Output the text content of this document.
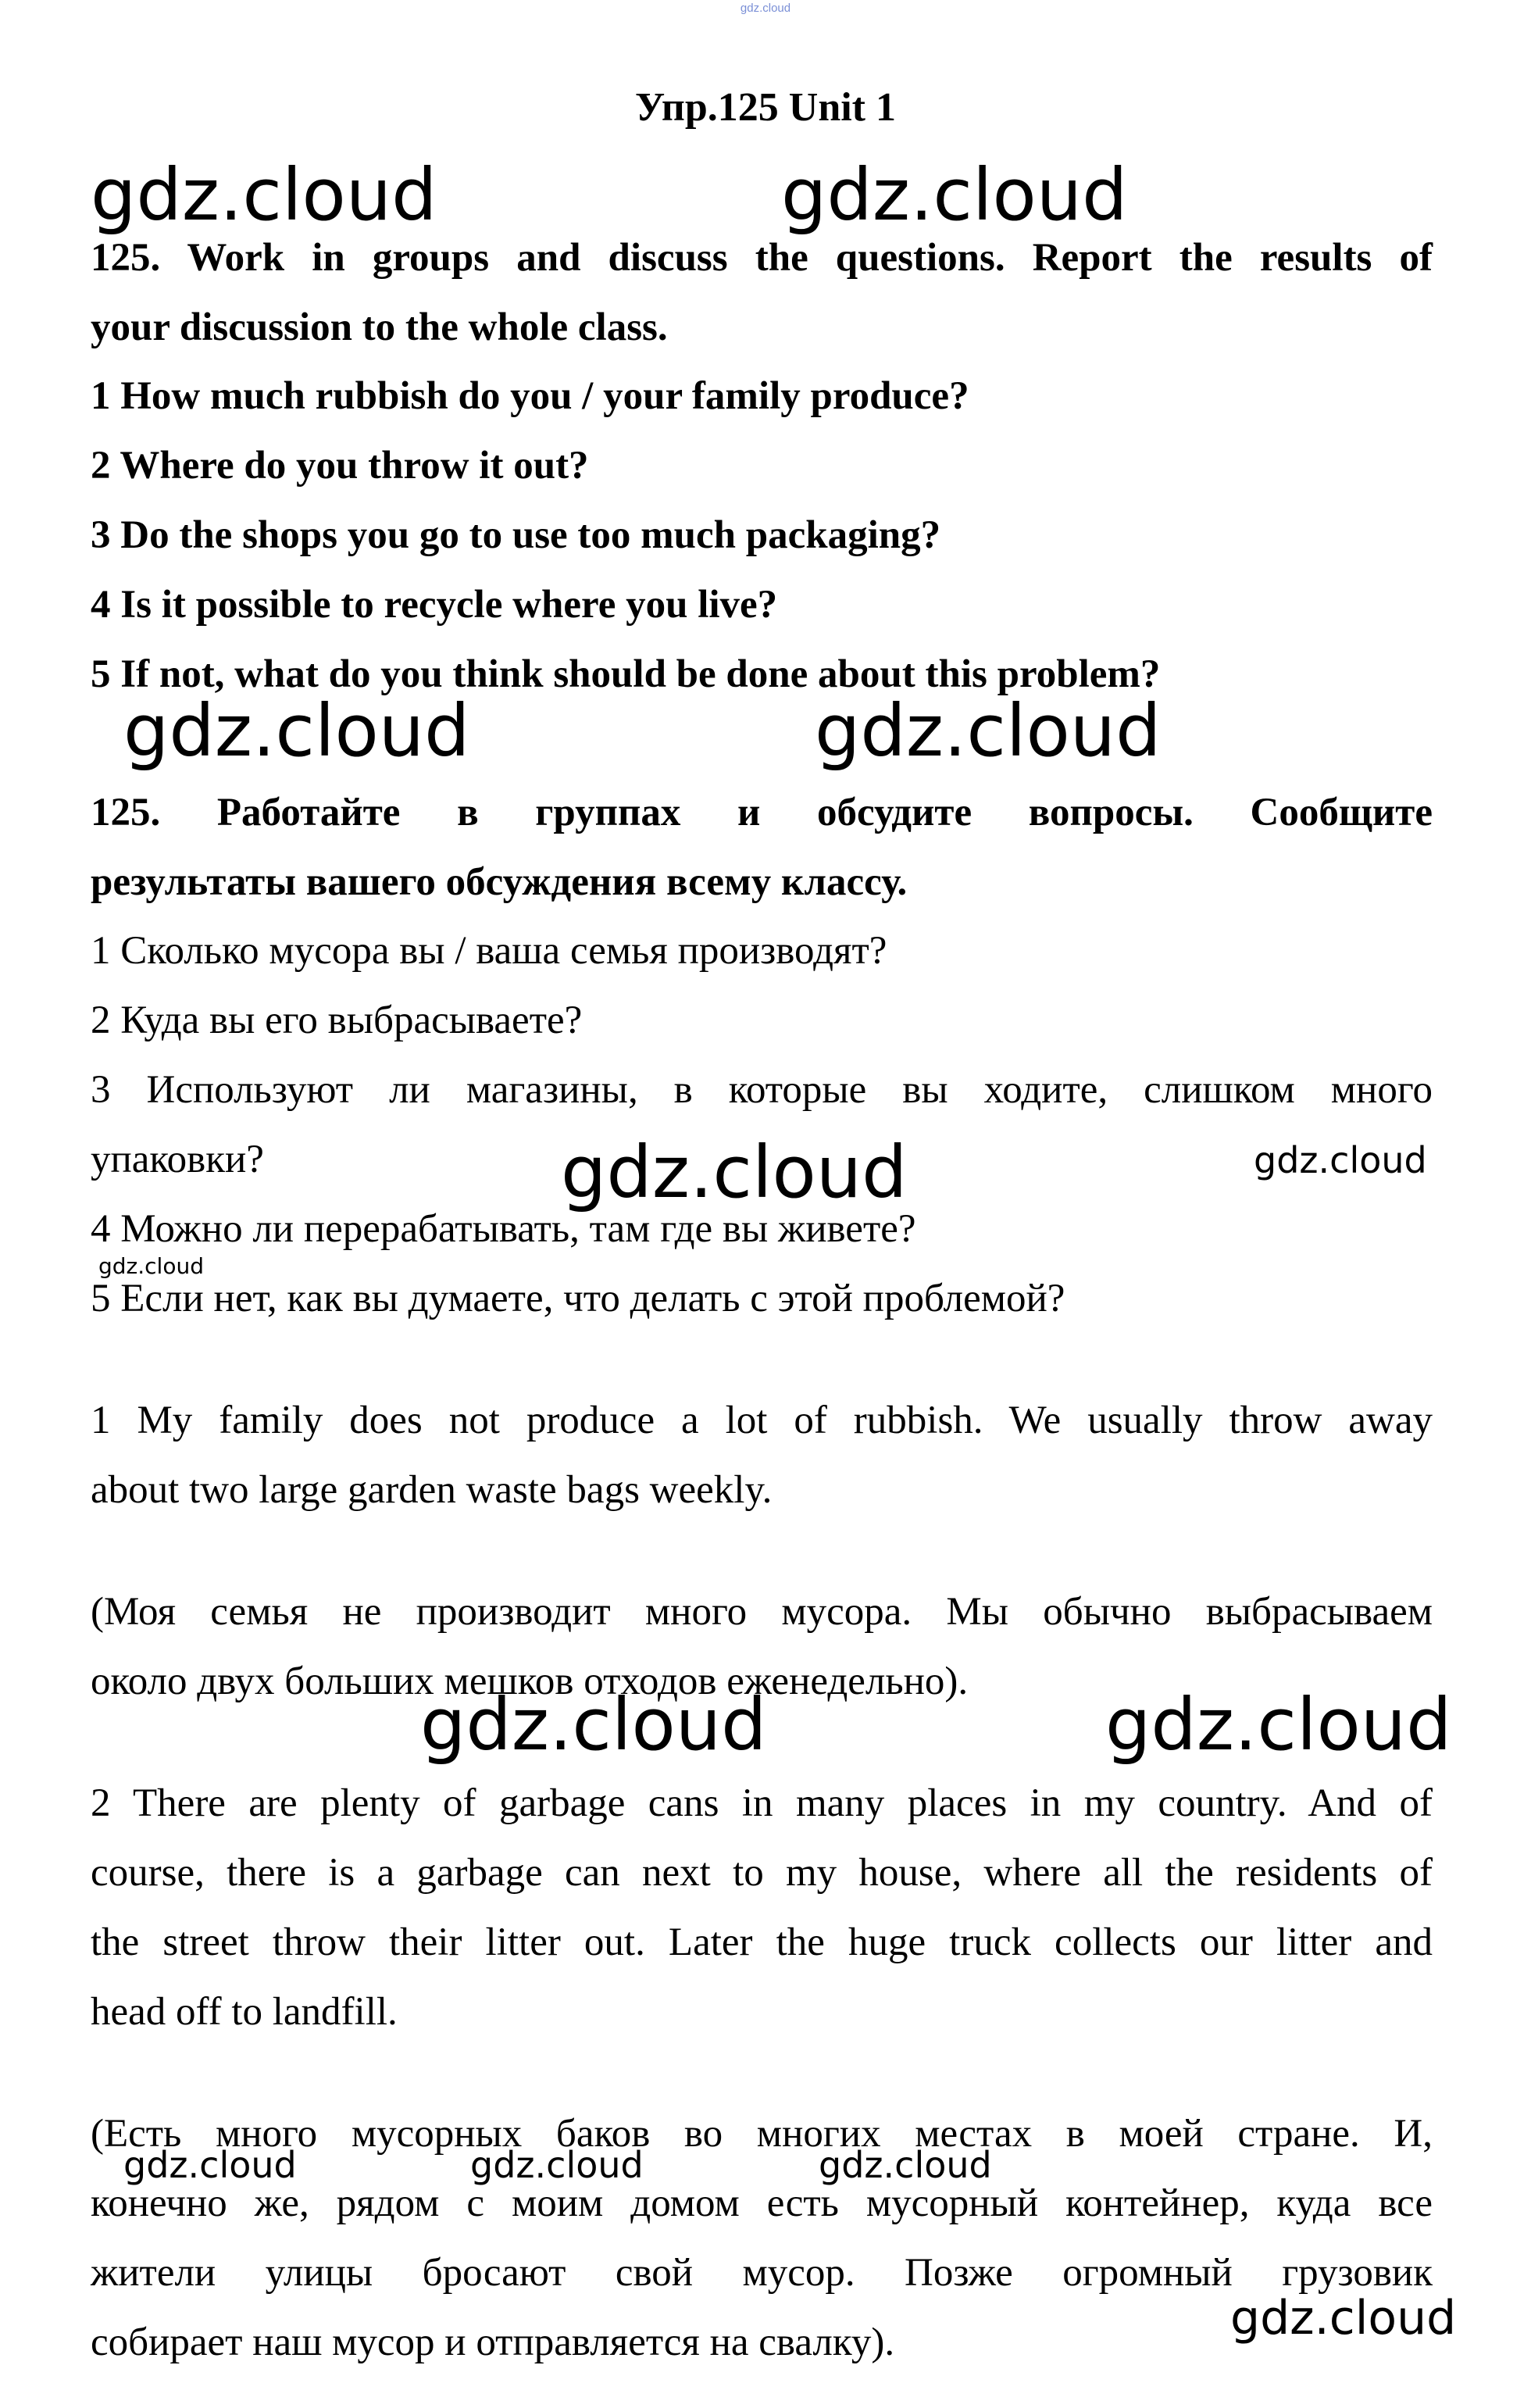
gdz.cloud
Упр.125 Unit 1
125. Work in groups and discuss the questions. Report the results of
your discussion to the whole class.
1 How much rubbish do you / your family produce?
2 Where do you throw it out?
3 Do the shops you go to use too much packaging?
4 Is it possible to recycle where you live?
5 If not, what do you think should be done about this problem?
125. Работайте в группах и обсудите вопросы. Сообщите
результаты вашего обсуждения всему классу.
1 Сколько мусора вы / ваша семья производят?
2 Куда вы его выбрасываете?
3 Используют ли магазины, в которые вы ходите, слишком много
упаковки?
4 Можно ли перерабатывать, там где вы живете?
5 Если нет, как вы думаете, что делать с этой проблемой?
1 My family does not produce a lot of rubbish. We usually throw away
about two large garden waste bags weekly.
(Моя семья не производит много мусора. Мы обычно выбрасываем
около двух больших мешков отходов еженедельно).
2 There are plenty of garbage cans in many places in my country. And of
course, there is a garbage can next to my house, where all the residents of
the street throw their litter out. Later the huge truck collects our litter and
head off to landfill.
(Есть много мусорных баков во многих местах в моей стране. И,
конечно же, рядом с моим домом есть мусорный контейнер, куда все
жители улицы бросают свой мусор. Позже огромный грузовик
собирает наш мусор и отправляется на свалку).
gdz.cloud	gdz.cloud
gdz.cloud	gdz.cloud
gdz.cloud	gdz.cloud
gdz.cloud
gdz.cloud	gdz.cloud
gdz.cloud	gdz.cloud	gdz.cloud
gdz.cloud
